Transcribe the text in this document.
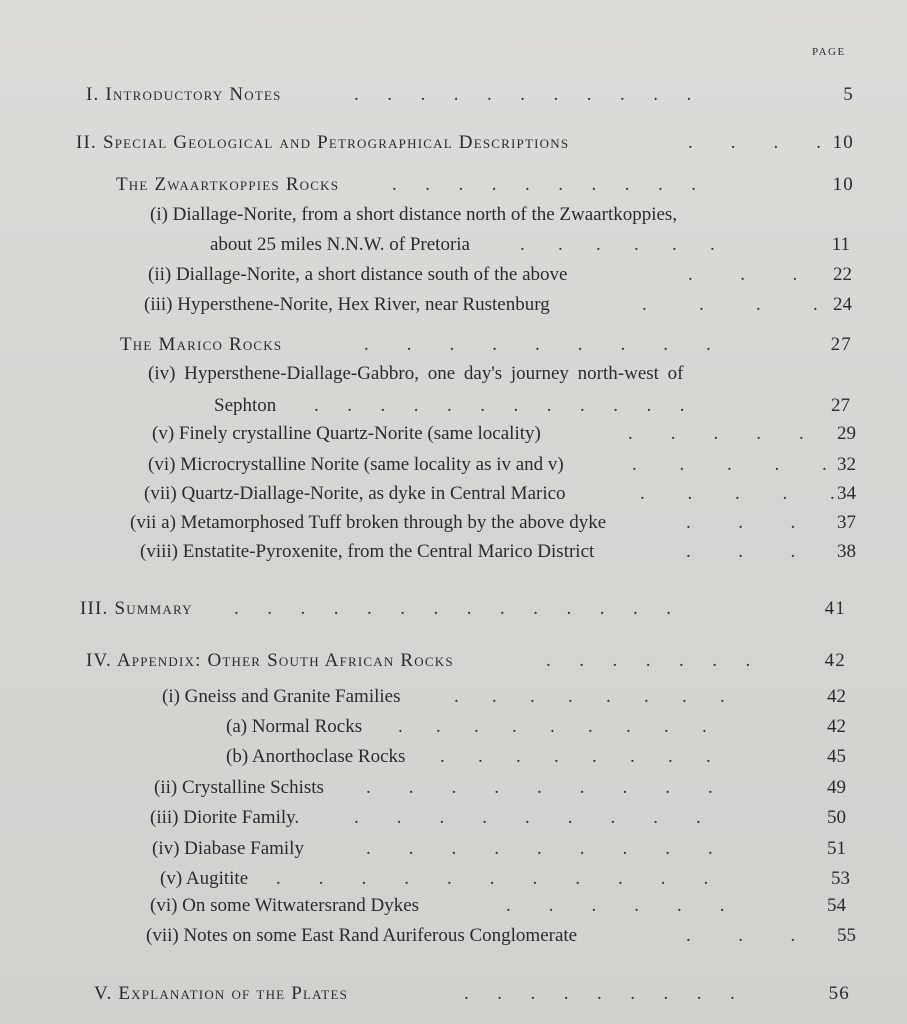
PAGE
I. Introductory Notes	.      .      .      .      .      .      .      .      .      .      .	5
II. Special Geological and Petrographical Descriptions	.        .        .        . 10
The Zwaartkoppies Rocks	.      .      .      .      .      .      .      .      .      .	10
(i) Diallage-Norite, from a short distance north of the Zwaartkoppies,
about 25 miles N.N.W. of Pretoria	.       .       .       .       .       .	11
(ii) Diallage-Norite, a short distance south of the above	.          .          .	22
(iii) Hypersthene-Norite, Hex River, near Rustenburg	.           .           .           . 24
The Marico Rocks	.        .        .        .        .        .        .        .        .	27
(iv) Hypersthene-Diallage-Gabbro, one day's journey north-west of
Sephton .      .      .      .      .      .      .      .      .      .      .      .	27
(v) Finely crystalline Quartz-Norite (same locality)	.        .        .        .        .	29
(vi) Microcrystalline Norite (same locality as iv and v)	.         .         .         .         . 32
(vii) Quartz-Diallage-Norite, as dyke in Central Marico	.         .         .         .         . 34
(vii a) Metamorphosed Tuff broken through by the above dyke	.          .          .	37
(viii) Enstatite-Pyroxenite, from the Central Marico District	.          .          .	38
III. Summary .      .      .      .      .      .      .      .      .      .      .      .      .      .	41
IV. Appendix: Other South African Rocks	.      .      .      .      .      .      .	42
(i) Gneiss and Granite Families	.       .       .       .       .       .       .       .	42
(a) Normal Rocks .       .       .       .       .       .       .       .       .	42
(b) Anorthoclase Rocks .       .       .       .       .       .       .       .	45
(ii) Crystalline Schists .        .        .        .        .        .        .        .        .	49
(iii) Diorite Family.	.        .        .        .        .        .        .        .        .	50
(iv) Diabase Family	.        .        .        .        .        .        .        .        .	51
(v) Augitite .        .        .        .        .        .        .        .        .        .        .	53
(vi) On some Witwatersrand Dykes	.        .        .        .        .        .	54
(vii) Notes on some East Rand Auriferous Conglomerate	.          .          .	55
V. Explanation of the Plates	.      .      .      .      .      .      .      .      .	56
